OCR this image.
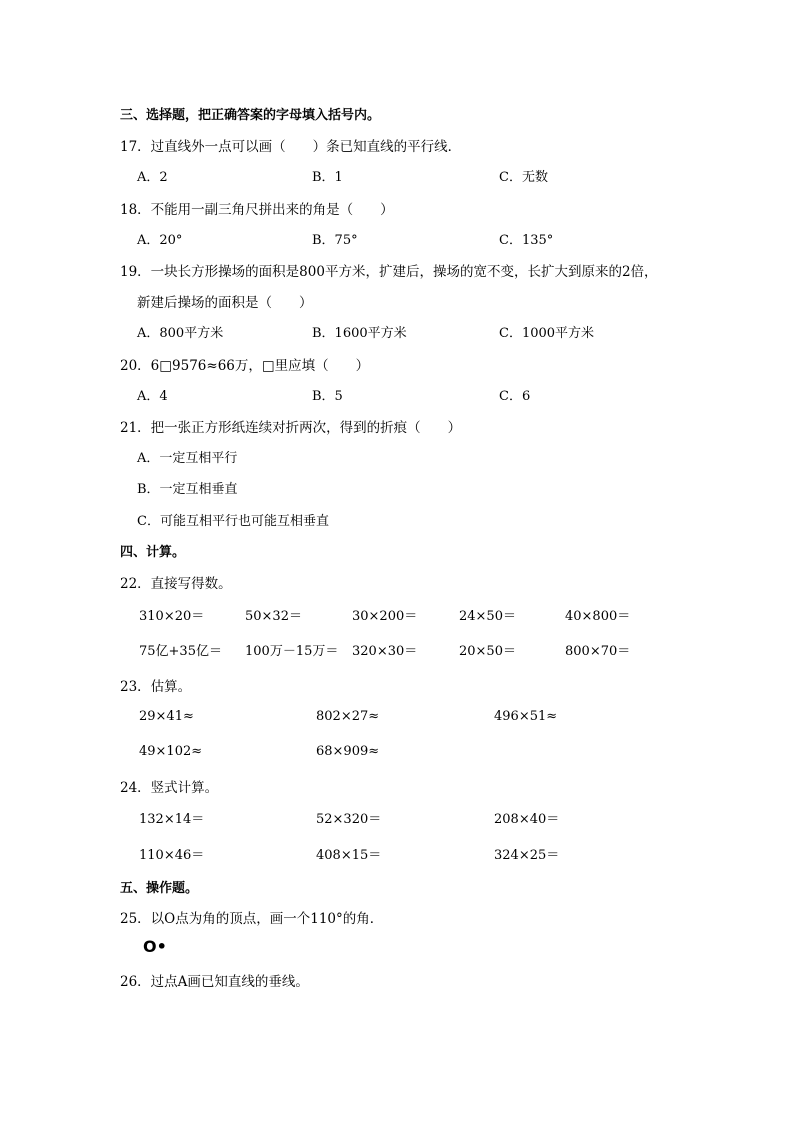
三、选择题，把正确答案的字母填入括号内。
17．过直线外一点可以画（　　）条已知直线的平行线．
A．2	B．1	C．无数
18．不能用一副三角尺拼出来的角是（　　）
A．20°	B．75°	C．135°
19．一块长方形操场的面积是800平方米，扩建后，操场的宽不变，长扩大到原来的2倍，
新建后操场的面积是（　　）
A．800平方米	B．1600平方米	C．1000平方米
20．6□9576≈66万，□里应填（　　）
A．4	B．5	C．6
21．把一张正方形纸连续对折两次，得到的折痕（　　）
A．一定互相平行
B．一定互相垂直
C．可能互相平行也可能互相垂直
四、计算。
22．直接写得数。
310×20＝	50×32＝	30×200＝	24×50＝	40×800＝
75亿+35亿＝ 100万－15万＝ 320×30＝	20×50＝	800×70＝
23．估算。
29×41≈	802×27≈	496×51≈
49×102≈	68×909≈
24．竖式计算。
132×14＝	52×320＝	208×40＝
110×46＝	408×15＝	324×25＝
五、操作题。
25．以O点为角的顶点，画一个110°的角．
O•
26．过点A画已知直线的垂线。
